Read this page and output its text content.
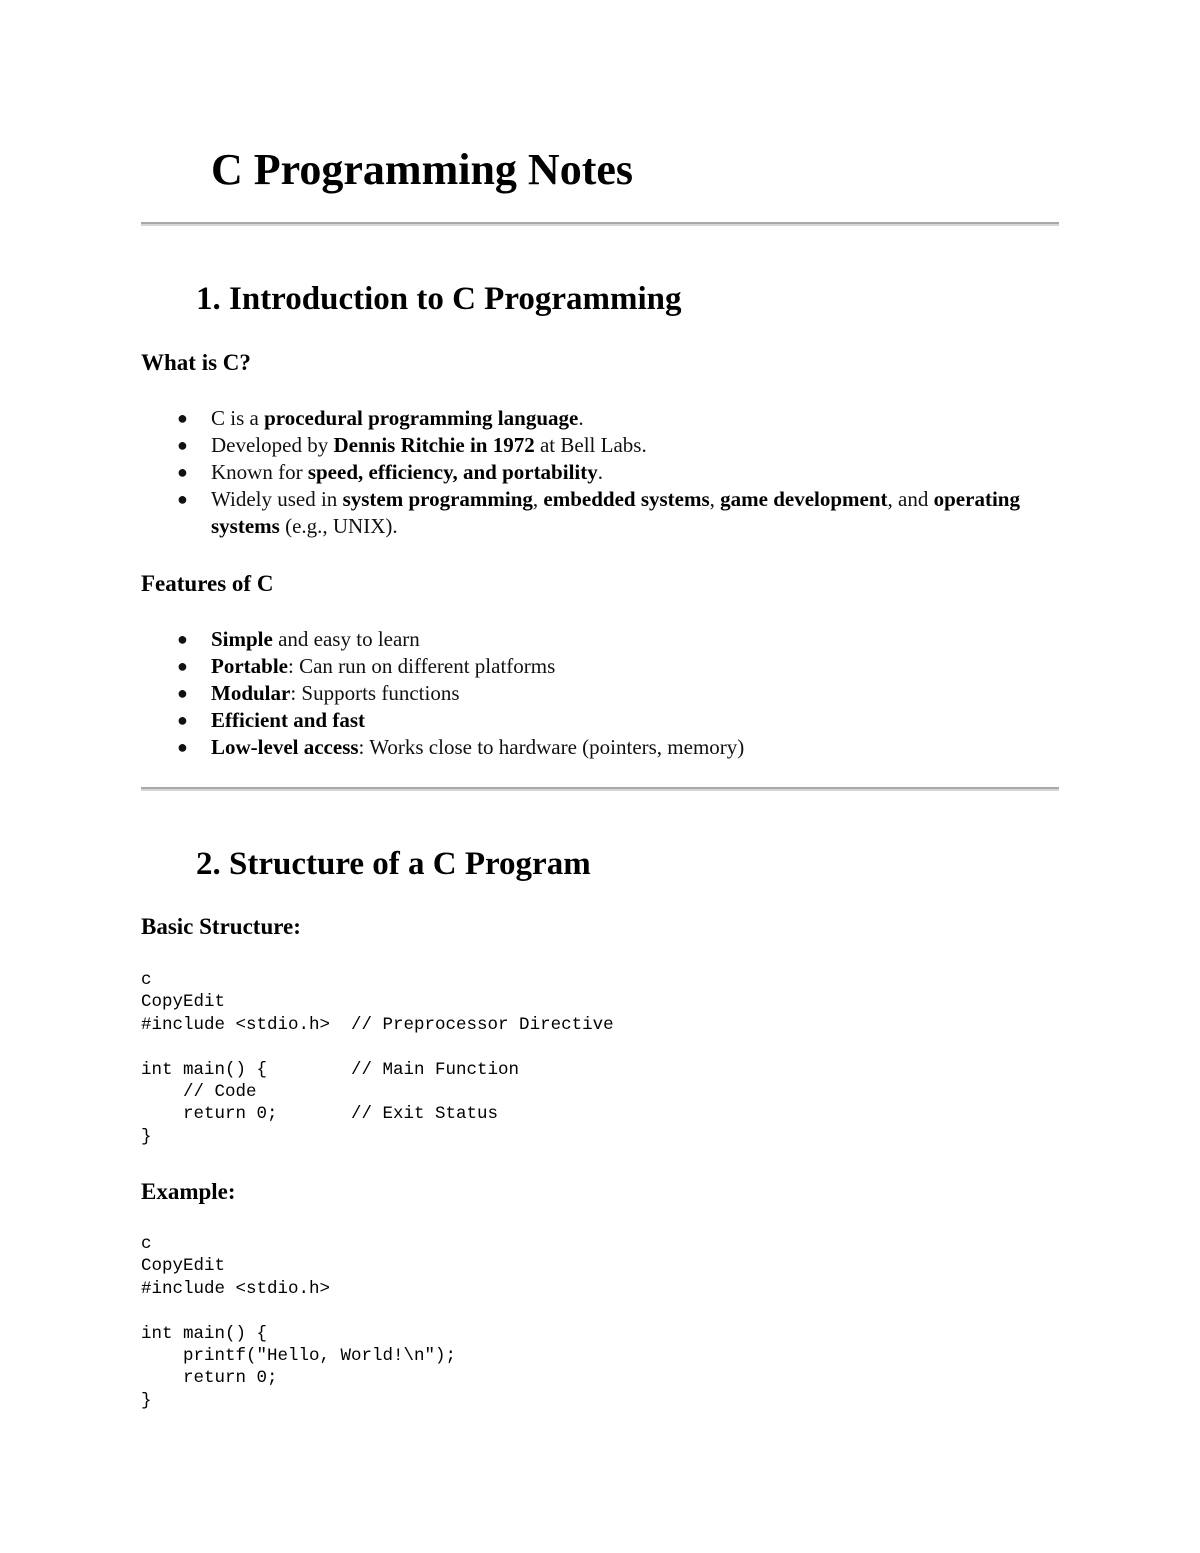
C Programming Notes
1. Introduction to C Programming
What is C?
● C is a procedural programming language.
● Developed by Dennis Ritchie in 1972 at Bell Labs.
● Known for speed, efficiency, and portability.
● Widely used in system programming, embedded systems, game development, and operating systems (e.g., UNIX).
Features of C
● Simple and easy to learn
● Portable: Can run on different platforms
● Modular: Supports functions
● Efficient and fast
● Low-level access: Works close to hardware (pointers, memory)
2. Structure of a C Program
Basic Structure:
c
CopyEdit
#include <stdio.h>  // Preprocessor Directive

int main() {        // Main Function
// Code
return 0;       // Exit Status
}
Example:
c
CopyEdit
#include <stdio.h>

int main() {
printf("Hello, World!\n");
return 0;
}
